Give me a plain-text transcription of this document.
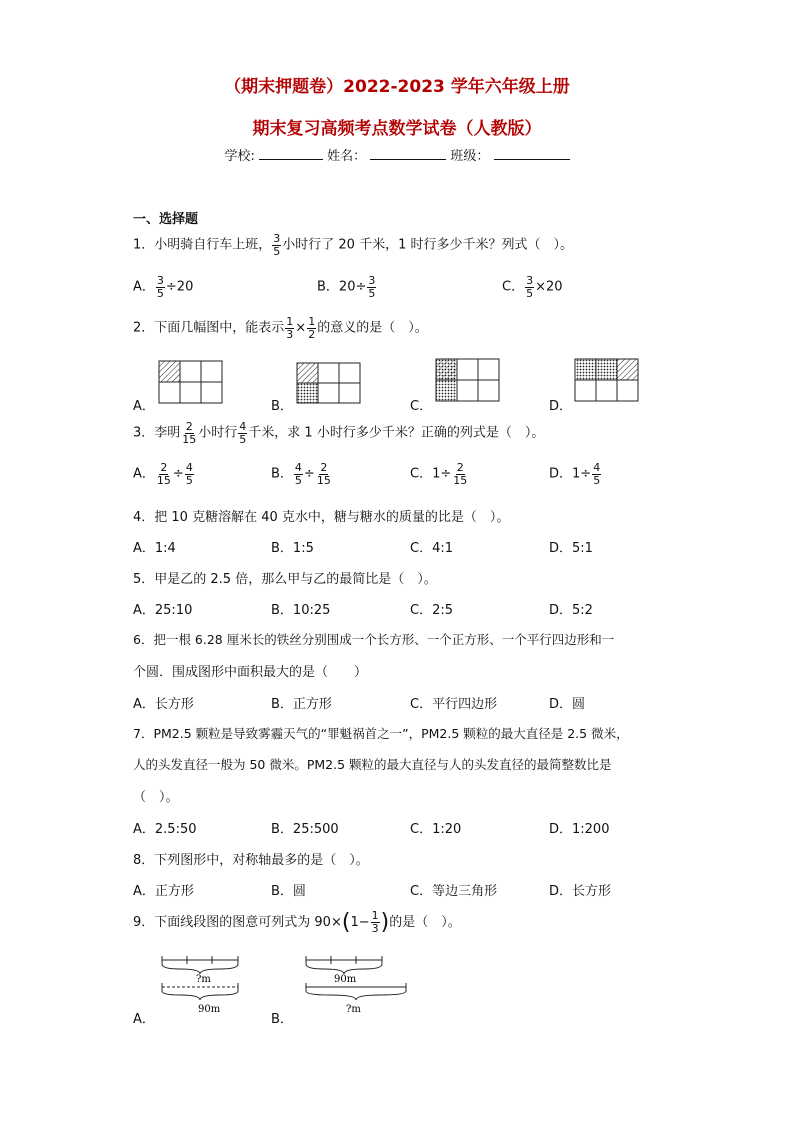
（期末押题卷）2022-2023 学年六年级上册
期末复习高频考点数学试卷（人教版）
学校:	姓名：	班级：
一、选择题
1．小明骑自行车上班， $\frac{3}{5}$ 小时行了 20 千米，1 时行多少千米？列式（　）。
A． $\frac{3}{5} \div 20$	B．$20\div \frac{3}{5}$	C． $\frac{3}{5} \times 20$
2．下面几幅图中，能表示 $\frac{1}{3} \times \frac{1}{2}$ 的意义的是（　）。
A．	B．	C．	D．
3．李明 $\frac{2}{15}$ 小时行 $\frac{4}{5}$ 千米，求 1 小时行多少千米？正确的列式是（　）。
A． $\frac{2}{15} \div \frac{4}{5}$	B． $\frac{4}{5} \div \frac{2}{15}$	C．$1\div \frac{2}{15}$	D．$1\div \frac{4}{5}$
4．把 10 克糖溶解在 40 克水中，糖与糖水的质量的比是（　）。
A．1:4	B．1:5	C．4:1	D．5:1
5．甲是乙的 2.5 倍，那么甲与乙的最简比是（　）。
A．25:10	B．10:25	C．2:5	D．5:2
6．把一根 6.28 厘米长的铁丝分别围成一个长方形、一个正方形、一个平行四边形和一
个圆．围成图形中面积最大的是（　　）
A．长方形	B．正方形	C．平行四边形	D．圆
7．PM2.5 颗粒是导致雾霾天气的“罪魁祸首之一”，PM2.5 颗粒的最大直径是 2.5 微米，
人的头发直径一般为 50 微米。PM2.5 颗粒的最大直径与人的头发直径的最简整数比是
（　）。
A．2.5:50	B．25:500	C．1:20	D．1:200
8．下列图形中，对称轴最多的是（　）。
A．正方形	B．圆	C．等边三角形	D．长方形
9．下面线段图的图意可列式为 $90\times(1- \frac{1}{3}$ )的是（　）。
?m
90m
90m
?m
A．	B．
